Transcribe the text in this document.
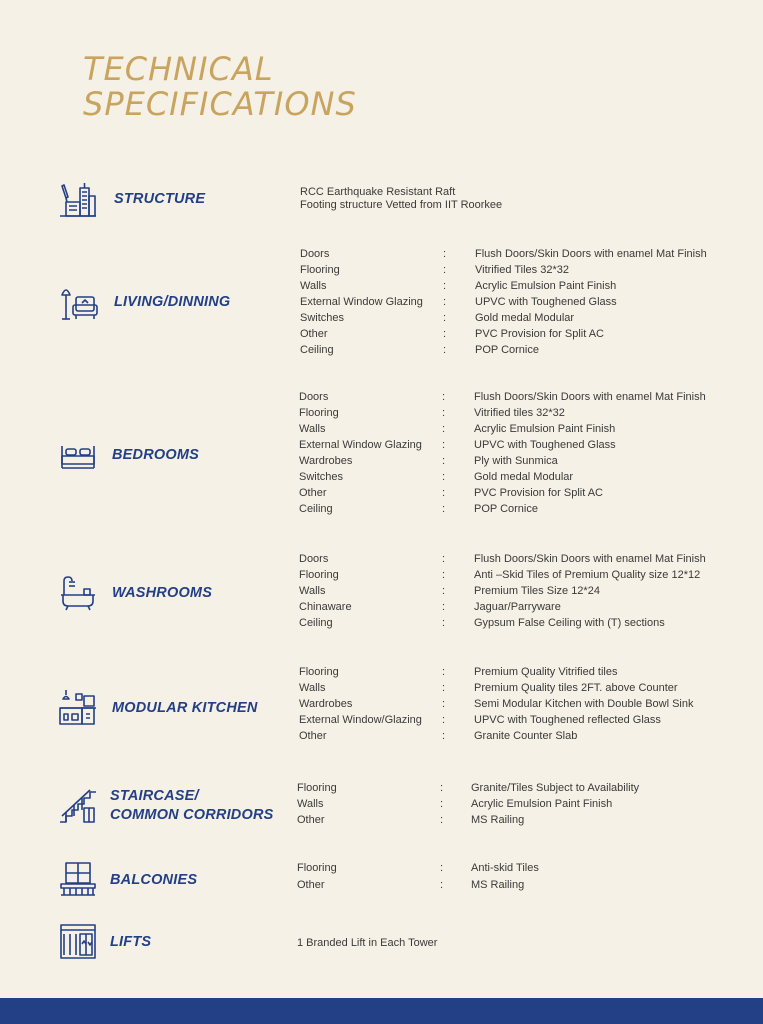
TECHNICAL
SPECIFICATIONS
STRUCTURE	RCC Earthquake Resistant Raft
Footing structure Vetted from IIT Roorkee
LIVING/DINNING
Doors	:	Flush Doors/Skin Doors with enamel Mat Finish
Flooring	:	Vitrified Tiles 32*32
Walls	:	Acrylic Emulsion Paint Finish
External Window Glazing :	UPVC with Toughened Glass
Switches	:	Gold medal Modular
Other	:	PVC Provision for Split AC
Ceiling	:	POP Cornice
BEDROOMS
Doors	:	Flush Doors/Skin Doors with enamel Mat Finish
Flooring	:	Vitrified tiles 32*32
Walls	:	Acrylic Emulsion Paint Finish
External Window Glazing :	UPVC with Toughened Glass
Wardrobes	:	Ply with Sunmica
Switches	:	Gold medal Modular
Other	:	PVC Provision for Split AC
Ceiling	:	POP Cornice
WASHROOMS
Doors	:	Flush Doors/Skin Doors with enamel Mat Finish
Flooring	:	Anti –Skid Tiles of Premium Quality size 12*12
Walls	:	Premium Tiles Size 12*24
Chinaware	:	Jaguar/Parryware
Ceiling	:	Gypsum False Ceiling with (T) sections
MODULAR KITCHEN
Flooring	:	Premium Quality Vitrified tiles
Walls	:	Premium Quality tiles 2FT. above Counter
Wardrobes	:	Semi Modular Kitchen with Double Bowl Sink
External Window/Glazing :	UPVC with Toughened reflected Glass
Other	:	Granite Counter Slab
STAIRCASE/
COMMON CORRIDORS
Flooring	:	Granite/Tiles Subject to Availability
Walls	:	Acrylic Emulsion Paint Finish
Other	:	MS Railing
BALCONIES
Flooring	:	Anti-skid Tiles
Other	:	MS Railing
LIFTS	1 Branded Lift in Each Tower
